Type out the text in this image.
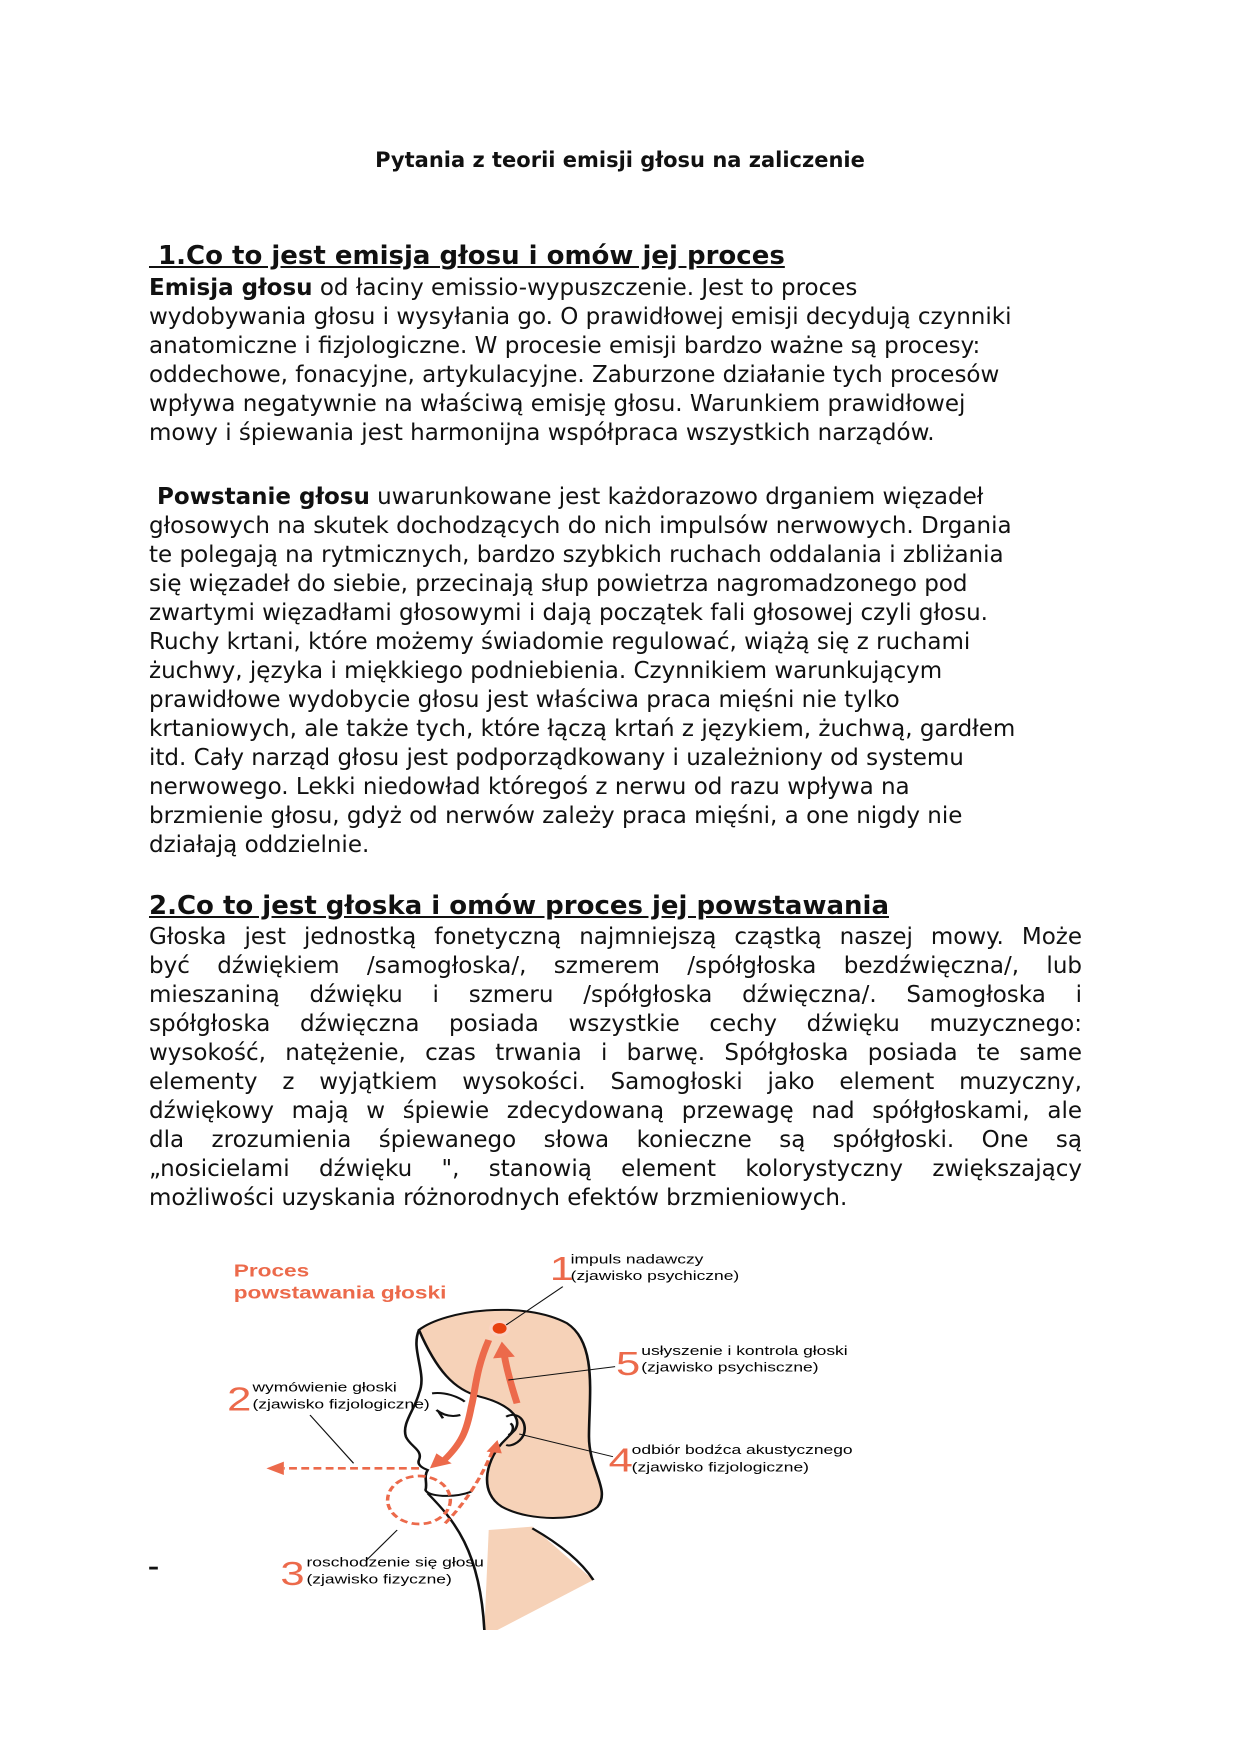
Pytania z teorii emisji głosu na zaliczenie
1.Co to jest emisja głosu i omów jej proces
Emisja głosu od łaciny emissio-wypuszczenie. Jest to proces
wydobywania głosu i wysyłania go. O prawidłowej emisji decydują czynniki
anatomiczne i fizjologiczne. W procesie emisji bardzo ważne są procesy:
oddechowe, fonacyjne, artykulacyjne. Zaburzone działanie tych procesów
wpływa negatywnie na właściwą emisję głosu. Warunkiem prawidłowej
mowy i śpiewania jest harmonijna współpraca wszystkich narządów.
Powstanie głosu uwarunkowane jest każdorazowo drganiem więzadeł
głosowych na skutek dochodzących do nich impulsów nerwowych. Drgania
te polegają na rytmicznych, bardzo szybkich ruchach oddalania i zbliżania
się więzadeł do siebie, przecinają słup powietrza nagromadzonego pod
zwartymi więzadłami głosowymi i dają początek fali głosowej czyli głosu.
Ruchy krtani, które możemy świadomie regulować, wiążą się z ruchami
żuchwy, języka i miękkiego podniebienia. Czynnikiem warunkującym
prawidłowe wydobycie głosu jest właściwa praca mięśni nie tylko
krtaniowych, ale także tych, które łączą krtań z językiem, żuchwą, gardłem
itd. Cały narząd głosu jest podporządkowany i uzależniony od systemu
nerwowego. Lekki niedowład któregoś z nerwu od razu wpływa na
brzmienie głosu, gdyż od nerwów zależy praca mięśni, a one nigdy nie
działają oddzielnie.
2.Co to jest głoska i omów proces jej powstawania
Głoska jest jednostką fonetyczną najmniejszą cząstką naszej mowy. Może
być dźwiękiem /samogłoska/, szmerem /spółgłoska bezdźwięczna/, lub
mieszaniną dźwięku i szmeru /spółgłoska dźwięczna/. Samogłoska i
spółgłoska dźwięczna posiada wszystkie cechy dźwięku muzycznego:
wysokość, natężenie, czas trwania i barwę. Spółgłoska posiada te same
elementy z wyjątkiem wysokości. Samogłoski jako element muzyczny,
dźwiękowy mają w śpiewie zdecydowaną przewagę nad spółgłoskami, ale
dla zrozumienia śpiewanego słowa konieczne są spółgłoski. One są
„nosicielami dźwięku ", stanowią element kolorystyczny zwiększający
możliwości uzyskania różnorodnych efektów brzmieniowych.
–
Proces
powstawania głoski
1
impuls nadawczy
(zjawisko psychiczne)
2 wymówienie głoski
(zjawisko fizjologiczne)
3 roschodzenie się głosu
(zjawisko fizyczne)
4
odbiór bodźca akustycznego
(zjawisko fizjologiczne)
5 usłyszenie i kontrola głoski
(zjawisko psychisczne)
